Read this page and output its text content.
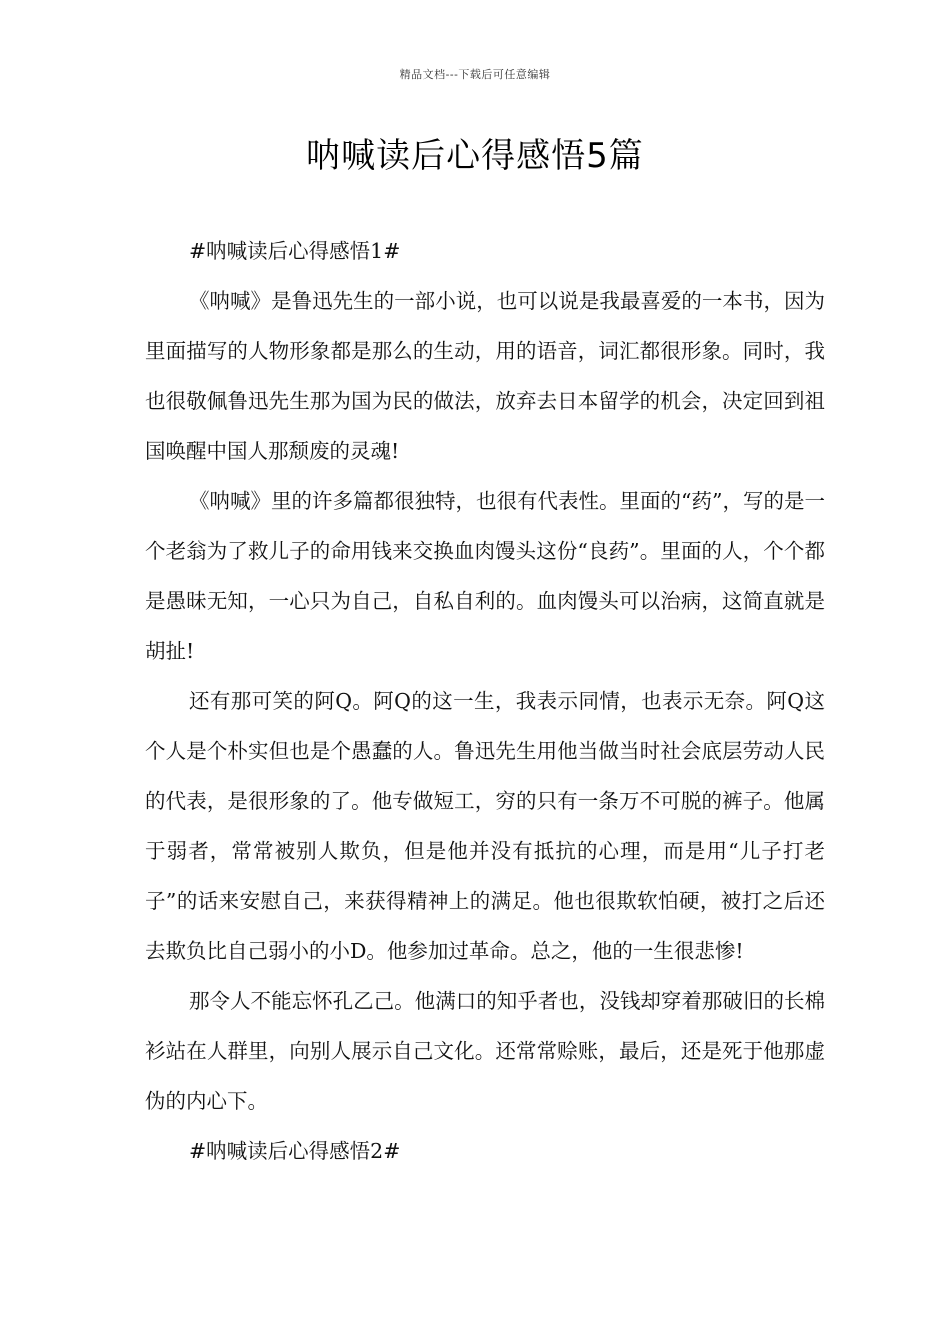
精品文档---下载后可任意编辑
呐喊读后心得感悟5篇

#呐喊读后心得感悟1#

《呐喊》是鲁迅先生的一部小说，也可以说是我最喜爱的一本书，因为里面描写的人物形象都是那么的生动，用的语音，词汇都很形象。同时，我也很敬佩鲁迅先生那为国为民的做法，放弃去日本留学的机会，决定回到祖国唤醒中国人那颓废的灵魂!

《呐喊》里的许多篇都很独特，也很有代表性。里面的“药”，写的是一个老翁为了救儿子的命用钱来交换血肉馒头这份“良药”。里面的人，个个都是愚昧无知，一心只为自己，自私自利的。血肉馒头可以治病，这简直就是胡扯!

还有那可笑的阿Q。阿Q的这一生，我表示同情，也表示无奈。阿Q这个人是个朴实但也是个愚蠢的人。鲁迅先生用他当做当时社会底层劳动人民的代表，是很形象的了。他专做短工，穷的只有一条万不可脱的裤子。他属于弱者，常常被别人欺负，但是他并没有抵抗的心理，而是用“儿子打老子”的话来安慰自己，来获得精神上的满足。他也很欺软怕硬，被打之后还去欺负比自己弱小的小D。他参加过革命。总之，他的一生很悲惨!

那令人不能忘怀孔乙己。他满口的知乎者也，没钱却穿着那破旧的长棉衫站在人群里，向别人展示自己文化。还常常赊账，最后，还是死于他那虚伪的内心下。

#呐喊读后心得感悟2#
